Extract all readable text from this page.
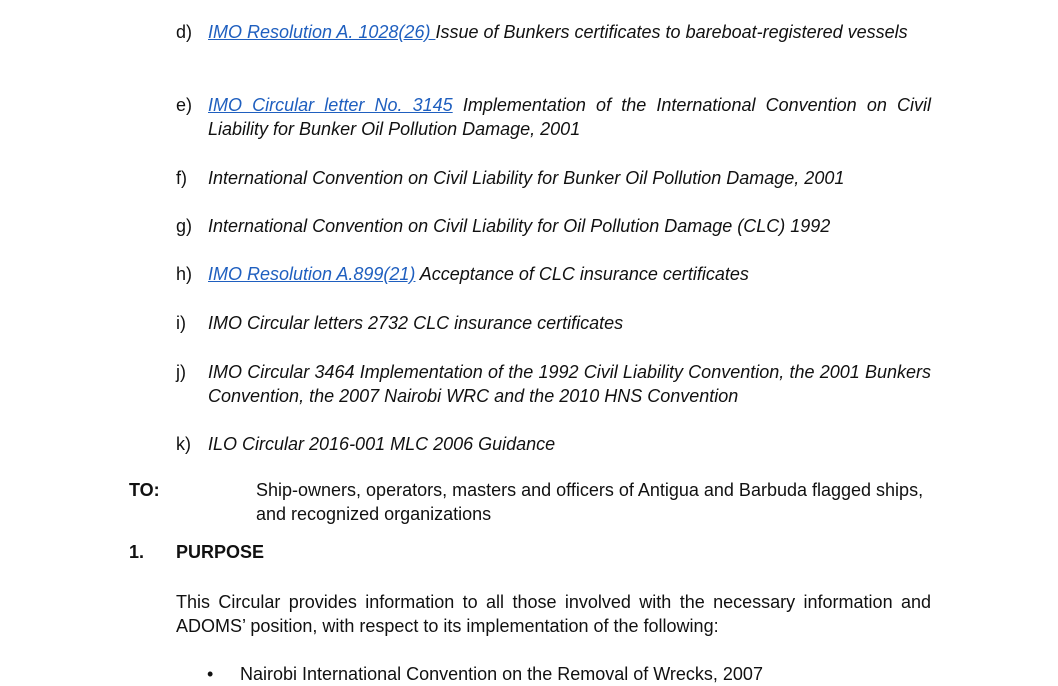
d) IMO Resolution A. 1028(26) Issue of Bunkers certificates to bareboat-registered vessels
e) IMO Circular letter No. 3145 Implementation of the International Convention on Civil Liability for Bunker Oil Pollution Damage, 2001
f) International Convention on Civil Liability for Bunker Oil Pollution Damage, 2001
g) International Convention on Civil Liability for Oil Pollution Damage (CLC) 1992
h) IMO Resolution A.899(21) Acceptance of CLC insurance certificates
i) IMO Circular letters 2732 CLC insurance certificates
j) IMO Circular 3464 Implementation of the 1992 Civil Liability Convention, the 2001 Bunkers Convention, the 2007 Nairobi WRC and the 2010 HNS Convention
k) ILO Circular 2016-001 MLC 2006 Guidance
TO:	Ship-owners, operators, masters and officers of Antigua and Barbuda flagged ships, and recognized organizations
1. PURPOSE
This Circular provides information to all those involved with the necessary information and ADOMS’ position, with respect to its implementation of the following:
• Nairobi International Convention on the Removal of Wrecks, 2007
